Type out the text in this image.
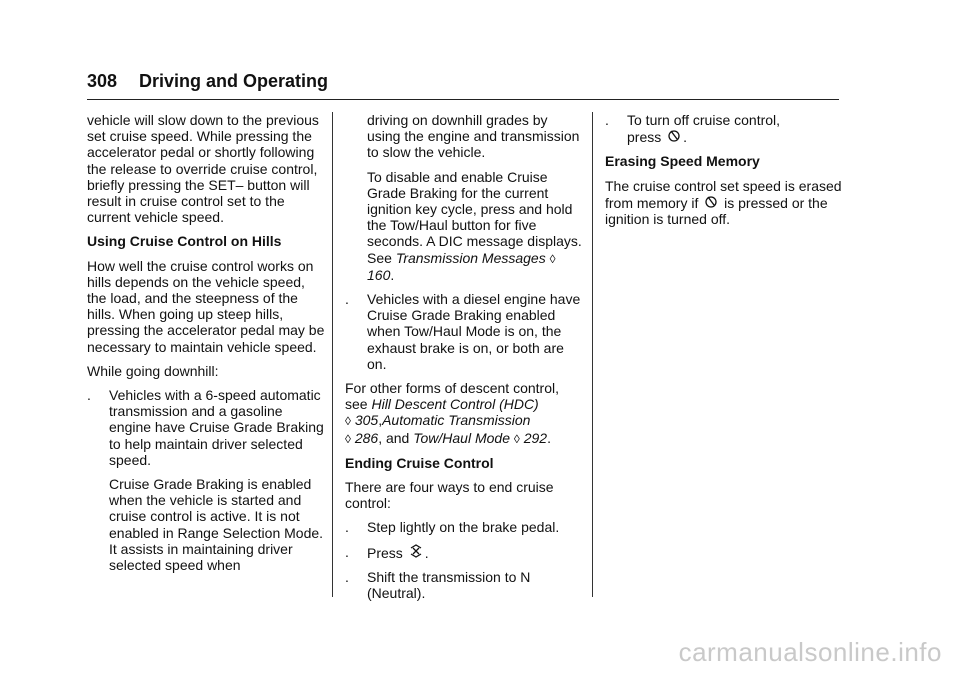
308 Driving and Operating

vehicle will slow down to the previous set cruise speed. While pressing the accelerator pedal or shortly following the release to override cruise control, briefly pressing the SET– button will result in cruise control set to the current vehicle speed.

Using Cruise Control on Hills

How well the cruise control works on hills depends on the vehicle speed, the load, and the steepness of the hills. When going up steep hills, pressing the accelerator pedal may be necessary to maintain vehicle speed.

While going downhill:

. Vehicles with a 6-speed automatic transmission and a gasoline engine have Cruise Grade Braking to help maintain driver selected speed.

Cruise Grade Braking is enabled when the vehicle is started and cruise control is active. It is not enabled in Range Selection Mode. It assists in maintaining driver selected speed when

driving on downhill grades by using the engine and transmission to slow the vehicle.

To disable and enable Cruise Grade Braking for the current ignition key cycle, press and hold the Tow/Haul button for five seconds. A DIC message displays. See Transmission Messages ◊ 160.

. Vehicles with a diesel engine have Cruise Grade Braking enabled when Tow/Haul Mode is on, the exhaust brake is on, or both are on.

For other forms of descent control, see Hill Descent Control (HDC)
◊ 305,Automatic Transmission
◊ 286, and Tow/Haul Mode ◊ 292.

Ending Cruise Control

There are four ways to end cruise control:

. Step lightly on the brake pedal.
. Press .
. Shift the transmission to N (Neutral).
. To turn off cruise control,
press .
Erasing Speed Memory

The cruise control set speed is erased from memory if is pressed or the ignition is turned off.

carmanualsonline.info
